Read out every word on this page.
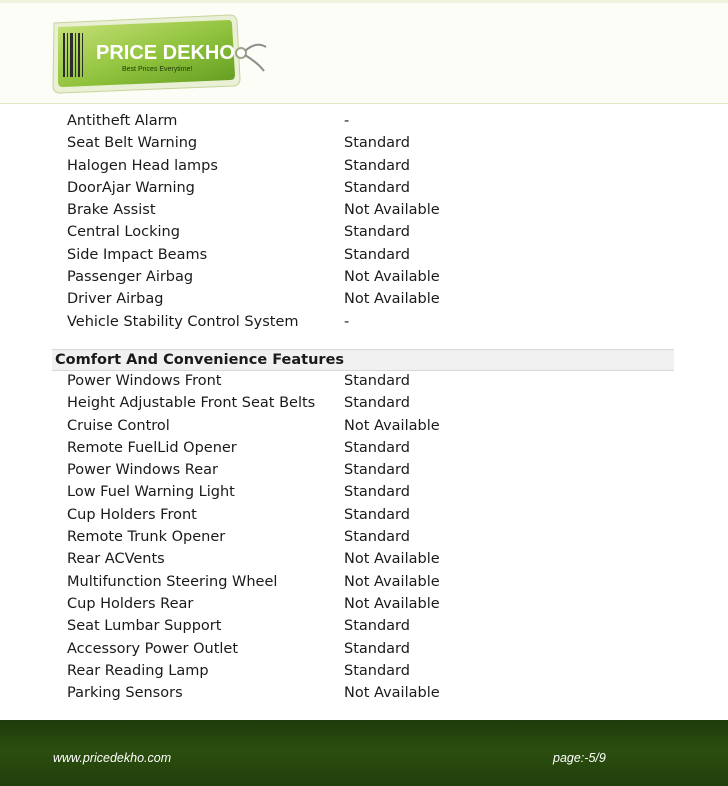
PRICE DEKHO
Best Prices Everytime!
Antitheft Alarm	-
Seat Belt Warning	Standard
Halogen Head lamps	Standard
DoorAjar Warning	Standard
Brake Assist	Not Available
Central Locking	Standard
Side Impact Beams	Standard
Passenger Airbag	Not Available
Driver Airbag	Not Available
Vehicle Stability Control System	-
Comfort And Convenience Features
Power Windows Front	Standard
Height Adjustable Front Seat Belts Standard
Cruise Control	Not Available
Remote FuelLid Opener	Standard
Power Windows Rear	Standard
Low Fuel Warning Light	Standard
Cup Holders Front	Standard
Remote Trunk Opener	Standard
Rear ACVents	Not Available
Multifunction Steering Wheel	Not Available
Cup Holders Rear	Not Available
Seat Lumbar Support	Standard
Accessory Power Outlet	Standard
Rear Reading Lamp	Standard
Parking Sensors	Not Available
www.pricedekho.com	page:-5/9
